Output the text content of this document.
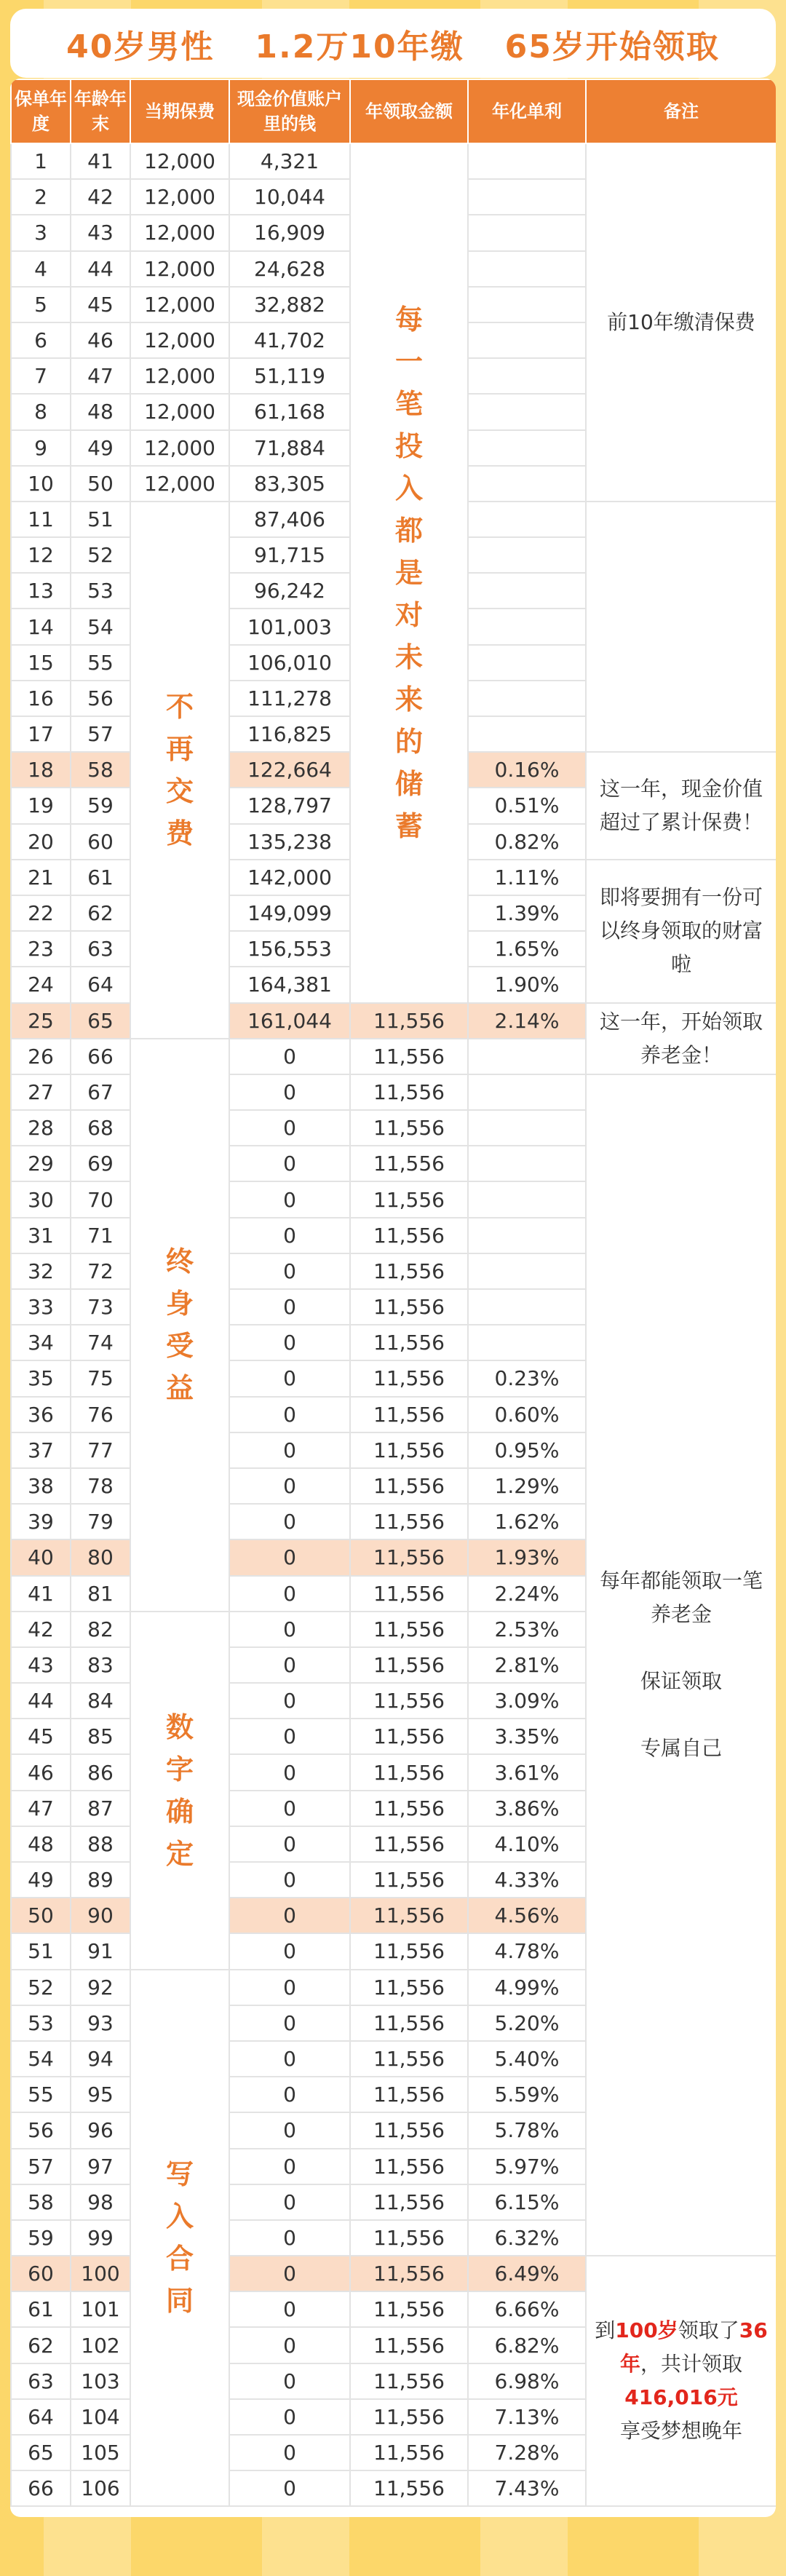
40岁男性 1.2万10年缴 65岁开始领取
保单年度	年龄年末	当期保费	现金价值账户里的钱	年领取金额	年化单利	备注
1	41	12,000	4,321	每一笔投入都是对未来的储蓄		前10年缴清保费

2	42	12,000	10,044			
3	43	12,000	16,909			
4	44	12,000	24,628			
5	45	12,000	32,882			
6	46	12,000	41,702			
7	47	12,000	51,119			
8	48	12,000	61,168			
9	49	12,000	71,884			
10	50	12,000	83,305			
11	51	不再交费	87,406			
12	52		91,715			
13	53		96,242			
14	54		101,003			
15	55		106,010			
16	56		111,278			
17	57		116,825			
18	58		122,664		0.16%	这一年，现金价值超过了累计保费！

19	59		128,797		0.51%	
20	60		135,238		0.82%	
21	61		142,000		1.11%	即将要拥有一份可以终身领取的财富啦

22	62		149,099		1.39%	
23	63		156,553		1.65%	
24	64		164,381		1.90%	
25	65		161,044	11,556	2.14%	这一年，开始领取养老金！

26	66	终身受益	0	11,556		
27	67		0	11,556		每年都能领取一笔养老金

保证领取

专属自己

28	68		0	11,556		
29	69		0	11,556		
30	70		0	11,556		
31	71		0	11,556		
32	72		0	11,556		
33	73		0	11,556		
34	74		0	11,556		
35	75		0	11,556	0.23%	
36	76		0	11,556	0.60%	
37	77		0	11,556	0.95%	
38	78		0	11,556	1.29%	
39	79		0	11,556	1.62%	
40	80		0	11,556	1.93%	
41	81		0	11,556	2.24%	
42	82	数字确定	0	11,556	2.53%	
43	83		0	11,556	2.81%	
44	84		0	11,556	3.09%	
45	85		0	11,556	3.35%	
46	86		0	11,556	3.61%	
47	87		0	11,556	3.86%	
48	88		0	11,556	4.10%	
49	89		0	11,556	4.33%	
50	90		0	11,556	4.56%	
51	91		0	11,556	4.78%	
52	92	写入合同	0	11,556	4.99%	
53	93		0	11,556	5.20%	
54	94		0	11,556	5.40%	
55	95		0	11,556	5.59%	
56	96		0	11,556	5.78%	
57	97		0	11,556	5.97%	
58	98		0	11,556	6.15%	
59	99		0	11,556	6.32%	
60	100		0	11,556	6.49%	到100岁领取了36年，共计领取
416,016元
享受梦想晚年

61	101		0	11,556	6.66%	
62	102		0	11,556	6.82%	
63	103		0	11,556	6.98%	
64	104		0	11,556	7.13%	
65	105		0	11,556	7.28%	
66	106		0	11,556	7.43%	
